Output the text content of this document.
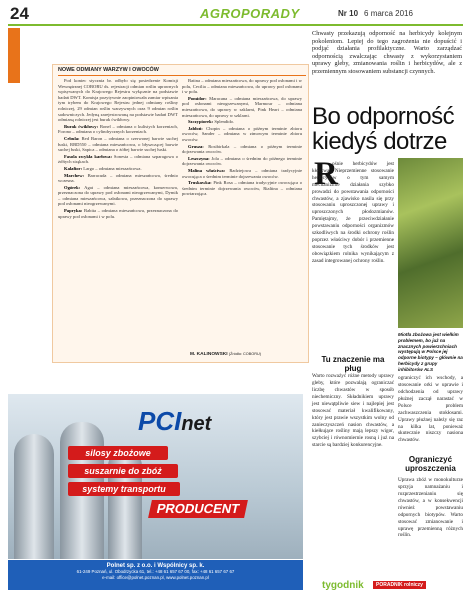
24	AGROPORADY	Nr 10 6 marca 2016
Chwasty przekazują odporność na herbicydy kolejnym pokoleniom. Lepiej do tego zagrożenia nie dopuścić i podjąć działania profilaktyczne. Warto zarządzać odpornością zwalczając chwasty z wykorzystaniem uprawy gleby, zmianowania roślin i herbicydów, ale z przemiennym stosowaniem substancji czynnych.
Bo odporność kiedyś dotrze
R

ośnie herbicydów jest kłoczwa. Nieprzemienne stosowanie herbicydów o tym samym mechanizmie działania szybko prowadzi do powstawania odporności chwastów, a zjawisko nasila się przy stosowaniu uproszczonej uprawy i uproszczonych płodozmianów. Pamiętajmy, że przeciwdziałanie powstawaniu odporności organizmów szkodliwych na środki ochrony roślin poprzez właściwy dobór i przemienne stosowanie tych środków jest obowiązkiem rolnika wynikającym z zasad integrowanej ochrony roślin.

Miotła zbożowa jest wielkim problemem, bo już na znacznych powierzchniach występują w Polsce jej odporne biotypy – głównie na herbicydy z grupy inhibitorów ALS
Tu znaczenie ma pług

Warto rozważyć różne metody uprawy gleby, które pozwalają ograniczać liczbę chwastów w sposób niechemiczny. Składnikiem uprawy jest niewątpliwie siew i najlepiej jest stosować materiał kwalifikowany, który jest prawie wszystkim wolny od zanieczyszczeń nasion chwastów, a kiełkujące rośliny mają lepszy wigor, szybciej i równomiernie rosną i już na starcie są bardziej konkurencyjne.

ograniczyć ich wschody, a stosowanie orki w uprawie i odchodzenia od uprawy płużnej zaczął narastać w Polsce problem zachwaszczenia stokłosami. Uprawy płużnej należy się raz na kilka lat, ponieważ skutecznie niszczy nasiona chwastów.

Ograniczyć uproszczenia

Uprawa zbóż w monokulturze sprzyja namnażaniu i rozprzestrzenianiu się chwastów, a w konsekwencji również powstawaniu odpornych biotypów. Warto stosować zmianowanie i uprawę przemienną różnych roślin.

NOWE ODMIANY WARZYW I OWOCÓW

Pod koniec stycznia br. odbyło się posiedzenie Komisji Wewnętrznej COBORU ds. rejestracji odmian roślin uprawnych wpisywanych do Krajowego Rejestru wyłącznie na podstawie badań DWT. Komisja pozytywnie zaopiniowała zamiar wpisania tym trybem do Krajowego Rejestru jednej odmiany rośliny rolniczej, 29 odmian roślin warzywnych oraz 9 odmian roślin sadowniczych. Jedyną zarejestrowaną na podstawie badań DWT odmianą rolniczej jest burak ćwikłowy.

Burak ćwikłowy: Bonel – odmiana o kulistych korzeniach, Forono – odmiana o cylindrycznych korzeniach.

Cebula: Red Baron – odmiana o czerwonej barwie suchej łuski, RBD550 – odmiana mieszańcowa, o błyszczącej barwie suchej łuski, Sapica – odmiana o żółtej barwie suchej łuski.

Fasola zwykła karłowa: Sonesta – odmiana szparagowa o żółtych strąkach.

Kalafior: Largo – odmiana mieszańcowa.

Marchew: Barracuda – odmiana mieszańcowa, średnio wczesna.

Ogórek: Agat – odmiana mieszańcowa, konserwowa, przeznaczona do uprawy pod osłonami nieogrzewanymi, Dymik – odmiana mieszańcowa, sałatkowa, przeznaczona do uprawy pod osłonami nieogrzewanymi.

Papryka: Babita – odmiana mieszańcowa, przeznaczona do uprawy pod osłonami i w polu.

Batina – odmiana mieszańcowa, do uprawy pod osłonami i w polu, Cecilia – odmiana mieszańcowa, do uprawy pod osłonami i w polu.

Pomidor: Maracana – odmiana mieszańcowa, do uprawy pod osłonami nieogrzewanymi, Marmour – odmiana mieszańcowa, do uprawy w szklarni, Pink Heart – odmiana mieszańcowa, do uprawy w szklarni.

Szczypiorek: Splendido.

Jabłoń: Chopin – odmiana o późnym terminie zbioru owoców, Sander – odmiana w zimowym terminie zbioru owoców.

Grusza: Rosibirkala – odmiana o późnym terminie dojrzewania owoców.

Leszczyna: Jola – odmiana o średnim do późnego terminie dojrzewania owoców.

Malina właściwa: Radziejowa – odmiana tradycyjnie owocująca o średnim terminie dojrzewania owoców.

Truskawka: Pink Rosa – odmiana tradycyjnie owocująca o średnim terminie dojrzewania owoców, Rialtina – odmiana powtarzająca.

M. KALINOWSKI (Źródło: COBORU)
silosy zbożowe
suszarnie do zbóż
systemy transportu
PCInet
PRODUCENT
Polnet sp. z o.o. i Wspólnicy sp. k.
61-249 Poznań, ul. Obodrzycka 61, tel.: +48 61 657 67 00, fax: +48 61 657 67 67
e-mail: office@polnet.poznan.pl, www.polnet.poznan.pl
tygodnik	PORADNIK rolniczy
